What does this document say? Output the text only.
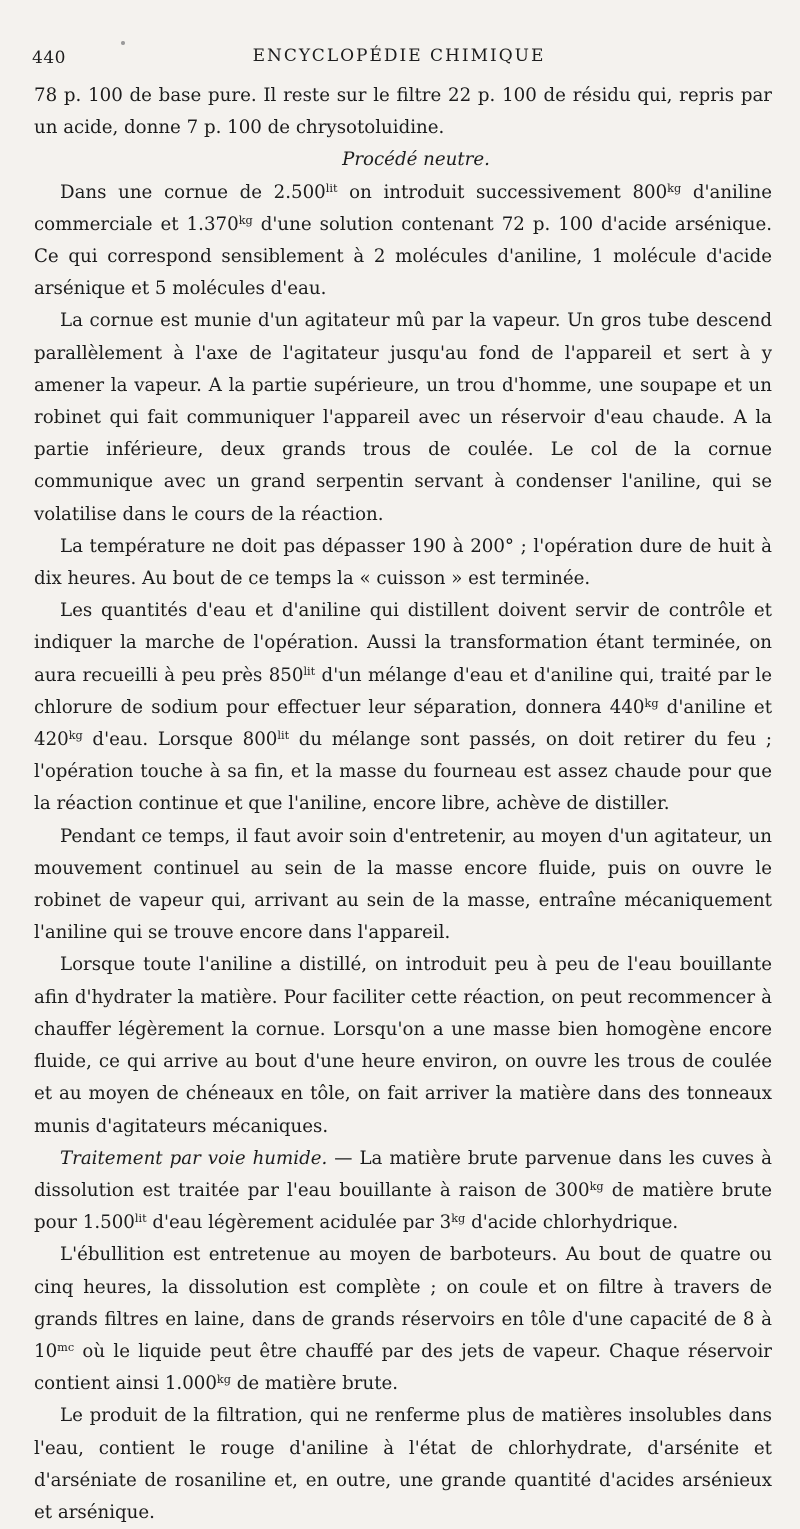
440	ENCYCLOPÉDIE CHIMIQUE

78 p. 100 de base pure. Il reste sur le filtre 22 p. 100 de résidu qui, repris par un acide, donne 7 p. 100 de chrysotoluidine.

Procédé neutre.

Dans une cornue de $2.500^{lit}$ on introduit successivement $800^{kg}$ d'aniline commerciale et $1.370^{kg}$ d'une solution contenant 72 p. 100 d'acide arsénique. Ce qui correspond sensiblement à 2 molécules d'aniline, 1 molécule d'acide arsénique et 5 molécules d'eau.

La cornue est munie d'un agitateur mû par la vapeur. Un gros tube descend parallèlement à l'axe de l'agitateur jusqu'au fond de l'appareil et sert à y amener la vapeur. A la partie supérieure, un trou d'homme, une soupape et un robinet qui fait communiquer l'appareil avec un réservoir d'eau chaude. A la partie inférieure, deux grands trous de coulée. Le col de la cornue communique avec un grand serpentin servant à condenser l'aniline, qui se volatilise dans le cours de la réaction.

La température ne doit pas dépasser 190 à 200° ; l'opération dure de huit à dix heures. Au bout de ce temps la « cuisson » est terminée.

Les quantités d'eau et d'aniline qui distillent doivent servir de contrôle et indiquer la marche de l'opération. Aussi la transformation étant terminée, on aura recueilli à peu près $850^{lit}$ d'un mélange d'eau et d'aniline qui, traité par le chlorure de sodium pour effectuer leur séparation, donnera $440^{kg}$ d'aniline et $420^{kg}$ d'eau. Lorsque $800^{lit}$ du mélange sont passés, on doit retirer du feu ; l'opération touche à sa fin, et la masse du fourneau est assez chaude pour que la réaction continue et que l'aniline, encore libre, achève de distiller.

Pendant ce temps, il faut avoir soin d'entretenir, au moyen d'un agitateur, un mouvement continuel au sein de la masse encore fluide, puis on ouvre le robinet de vapeur qui, arrivant au sein de la masse, entraîne mécaniquement l'aniline qui se trouve encore dans l'appareil.

Lorsque toute l'aniline a distillé, on introduit peu à peu de l'eau bouillante afin d'hydrater la matière. Pour faciliter cette réaction, on peut recommencer à chauffer légèrement la cornue. Lorsqu'on a une masse bien homogène encore fluide, ce qui arrive au bout d'une heure environ, on ouvre les trous de coulée et au moyen de chéneaux en tôle, on fait arriver la matière dans des tonneaux munis d'agitateurs mécaniques.

Traitement par voie humide. — La matière brute parvenue dans les cuves à dissolution est traitée par l'eau bouillante à raison de $300^{kg}$ de matière brute pour $1.500^{lit}$ d'eau légèrement acidulée par $3^{kg}$ d'acide chlorhydrique.

L'ébullition est entretenue au moyen de barboteurs. Au bout de quatre ou cinq heures, la dissolution est complète ; on coule et on filtre à travers de grands filtres en laine, dans de grands réservoirs en tôle d'une capacité de 8 à $10^{mc}$ où le liquide peut être chauffé par des jets de vapeur. Chaque réservoir contient ainsi $1.000^{kg}$ de matière brute.

Le produit de la filtration, qui ne renferme plus de matières insolubles dans l'eau, contient le rouge d'aniline à l'état de chlorhydrate, d'arsénite et d'arséniate de rosaniline et, en outre, une grande quantité d'acides arsénieux et arsénique.
